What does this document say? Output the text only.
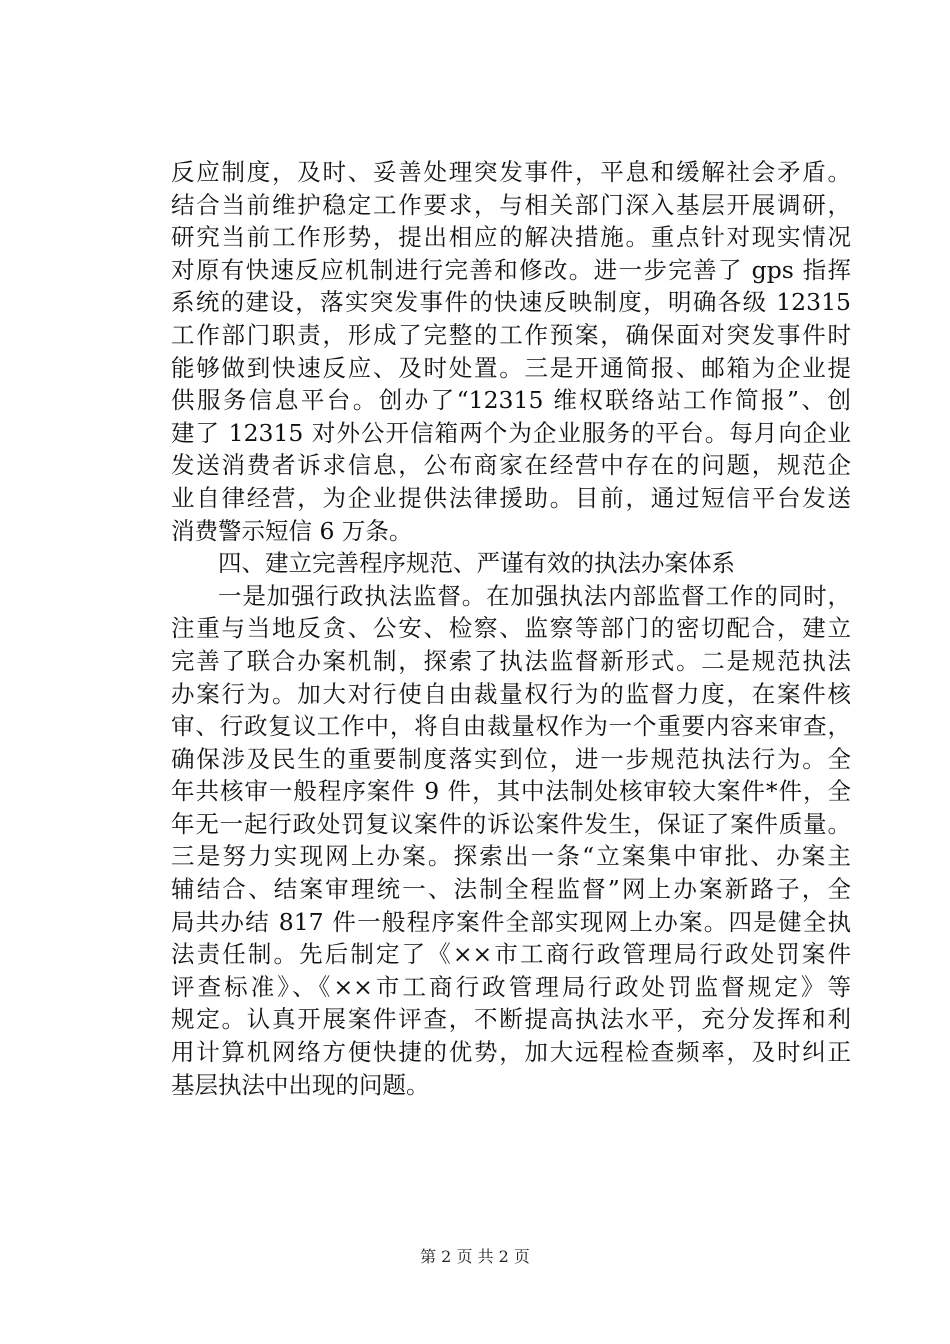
反应制度，及时、妥善处理突发事件，平息和缓解社会矛盾。
结合当前维护稳定工作要求，与相关部门深入基层开展调研，
研究当前工作形势，提出相应的解决措施。重点针对现实情况
对原有快速反应机制进行完善和修改。进一步完善了 gps 指挥
系统的建设，落实突发事件的快速反映制度，明确各级 12315
工作部门职责，形成了完整的工作预案，确保面对突发事件时
能够做到快速反应、及时处置。三是开通简报、邮箱为企业提
供服务信息平台。创办了“12315 维权联络站工作简报”、创
建了 12315 对外公开信箱两个为企业服务的平台。每月向企业
发送消费者诉求信息，公布商家在经营中存在的问题，规范企
业自律经营，为企业提供法律援助。目前，通过短信平台发送
消费警示短信 6 万条。
四、建立完善程序规范、严谨有效的执法办案体系
一是加强行政执法监督。在加强执法内部监督工作的同时，
注重与当地反贪、公安、检察、监察等部门的密切配合，建立
完善了联合办案机制，探索了执法监督新形式。二是规范执法
办案行为。加大对行使自由裁量权行为的监督力度，在案件核
审、行政复议工作中，将自由裁量权作为一个重要内容来审查，
确保涉及民生的重要制度落实到位，进一步规范执法行为。全
年共核审一般程序案件 9 件，其中法制处核审较大案件*件，全
年无一起行政处罚复议案件的诉讼案件发生，保证了案件质量。
三是努力实现网上办案。探索出一条“立案集中审批、办案主
辅结合、结案审理统一、法制全程监督”网上办案新路子，全
局共办结 817 件一般程序案件全部实现网上办案。四是健全执
法责任制。先后制定了《××市工商行政管理局行政处罚案件
评查标准》、《××市工商行政管理局行政处罚监督规定》等
规定。认真开展案件评查，不断提高执法水平，充分发挥和利
用计算机网络方便快捷的优势，加大远程检查频率，及时纠正
基层执法中出现的问题。
第 2 页 共 2 页
